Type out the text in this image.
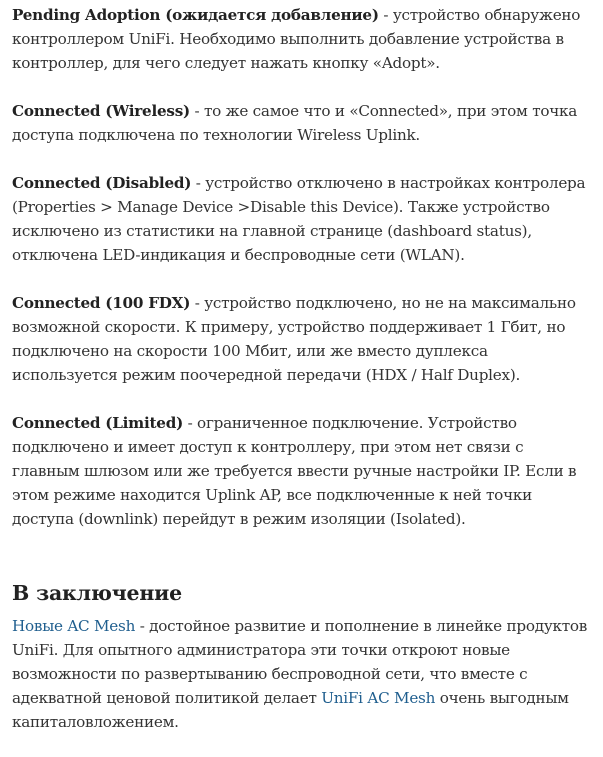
Pending Adoption (ожидается добавление) - устройство обнаружено контроллером UniFi. Необходимо выполнить добавление устройства в контроллер, для чего следует нажать кнопку «Adopt».

Connected (Wireless) - то же самое что и «Connected», при этом точка доступа подключена по технологии Wireless Uplink.

Connected (Disabled) - устройство отключено в настройках контролера (Properties > Manage Device >Disable this Device). Также устройство исключено из статистики на главной странице (dashboard status), отключена LED-индикация и беспроводные сети (WLAN).

Connected (100 FDX) - устройство подключено, но не на максимально возможной скорости. К примеру, устройство поддерживает 1 Гбит, но подключено на скорости 100 Мбит, или же вместо дуплекса используется режим поочередной передачи (HDX / Half Duplex).

Connected (Limited) - ограниченное подключение. Устройство подключено и имеет доступ к контроллеру, при этом нет связи с главным шлюзом или же требуется ввести ручные настройки IP. Если в этом режиме находится Uplink AP, все подключенные к ней точки доступа (downlink) перейдут в режим изоляции (Isolated).

В заключение

Новые AC Mesh - достойное развитие и пополнение в линейке продуктов UniFi. Для опытного администратора эти точки откроют новые возможности по развертыванию беспроводной сети, что вместе с адекватной ценовой политикой делает UniFi AC Mesh очень выгодным капиталовложением.
